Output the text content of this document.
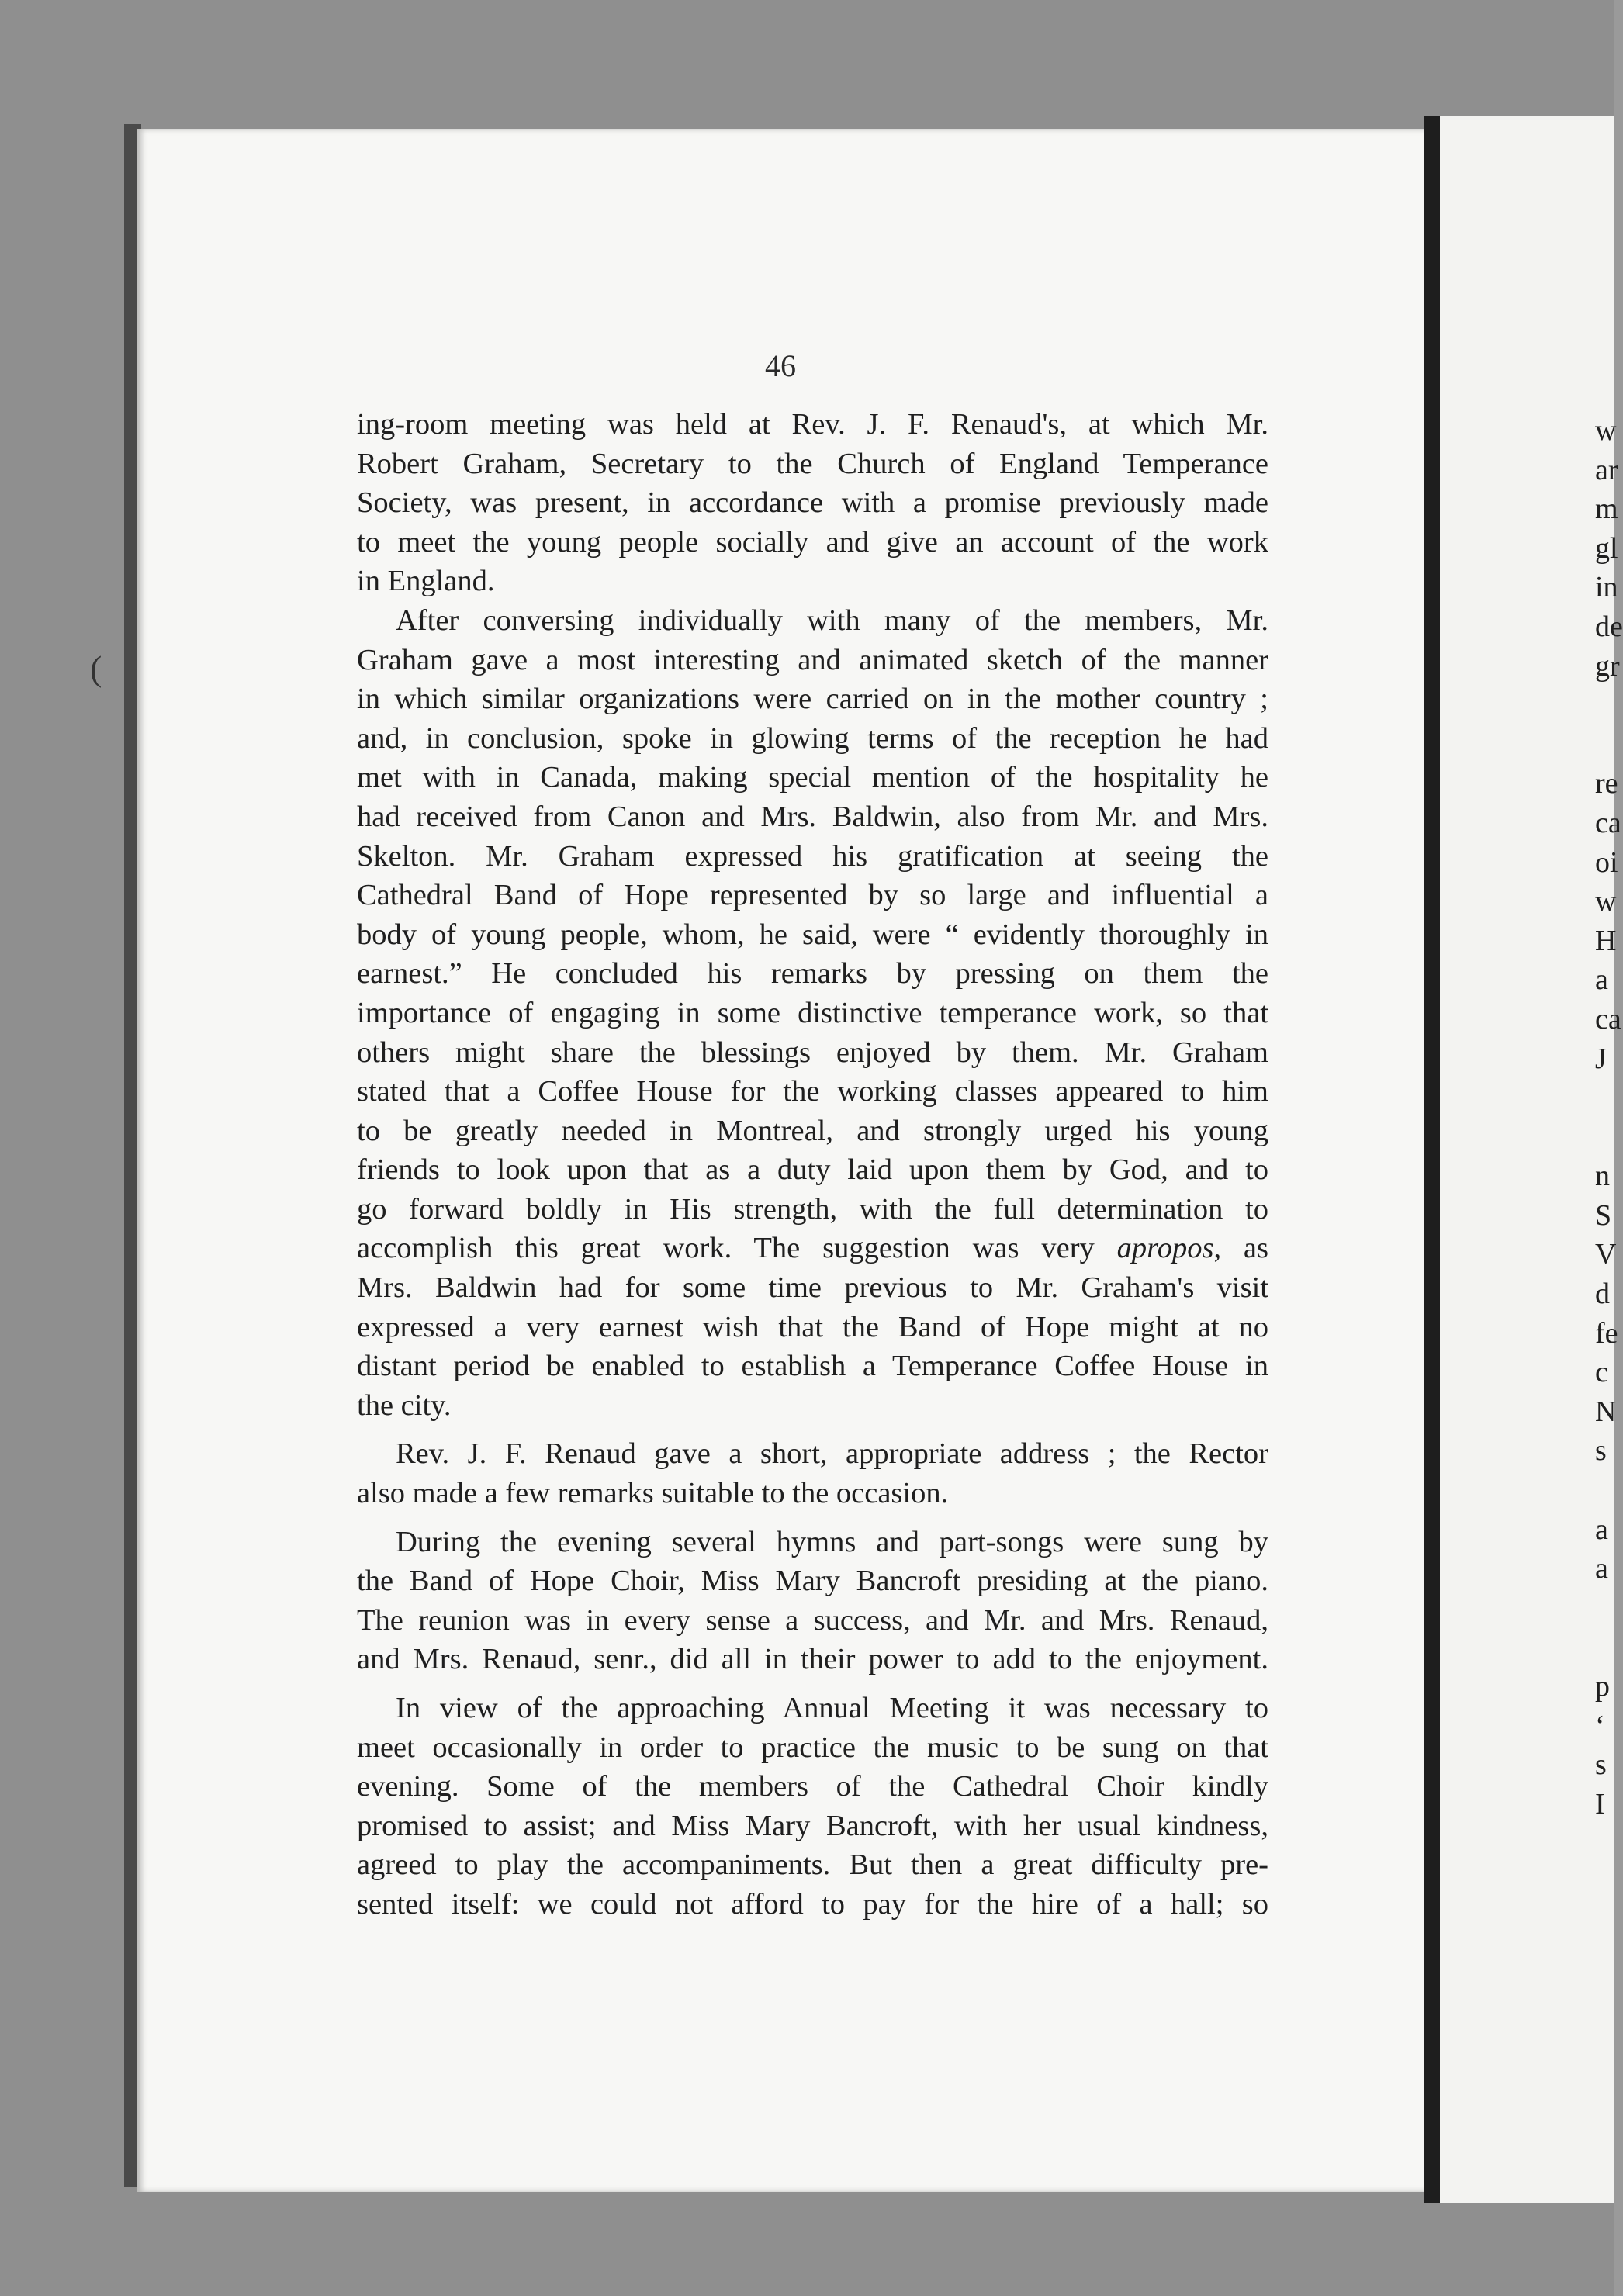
46
ing-room meeting was held at Rev. J. F. Renaud's, at which Mr.
Robert Graham, Secretary to the Church of England Temperance
Society, was present, in accordance with a promise previously made
to meet the young people socially and give an account of the work
in England.
After conversing individually with many of the members, Mr.
Graham gave a most interesting and animated sketch of the manner
in which similar organizations were carried on in the mother country ;
and, in conclusion, spoke in glowing terms of the reception he had
met with in Canada, making special mention of the hospitality he
had received from Canon and Mrs. Baldwin, also from Mr. and Mrs.
Skelton. Mr. Graham expressed his gratification at seeing the
Cathedral Band of Hope represented by so large and influential a
body of young people, whom, he said, were “ evidently thoroughly in
earnest.” He concluded his remarks by pressing on them the
importance of engaging in some distinctive temperance work, so that
others might share the blessings enjoyed by them. Mr. Graham
stated that a Coffee House for the working classes appeared to him
to be greatly needed in Montreal, and strongly urged his young
friends to look upon that as a duty laid upon them by God, and to
go forward boldly in His strength, with the full determination to
accomplish this great work. The suggestion was very apropos, as
Mrs. Baldwin had for some time previous to Mr. Graham's visit
expressed a very earnest wish that the Band of Hope might at no
distant period be enabled to establish a Temperance Coffee House in
the city.
Rev. J. F. Renaud gave a short, appropriate address ; the Rector
also made a few remarks suitable to the occasion.
During the evening several hymns and part-songs were sung by
the Band of Hope Choir, Miss Mary Bancroft presiding at the piano.
The reunion was in every sense a success, and Mr. and Mrs. Renaud,
and Mrs. Renaud, senr., did all in their power to add to the enjoyment.
In view of the approaching Annual Meeting it was necessary to
meet occasionally in order to practice the music to be sung on that
evening. Some of the members of the Cathedral Choir kindly
promised to assist; and Miss Mary Bancroft, with her usual kindness,
agreed to play the accompaniments. But then a great difficulty pre-
sented itself: we could not afford to pay for the hire of a hall; so
w
ar
m
gl
in
de
gr
re
ca
oi
w
H
a
ca
J
n
S
V
d
fe
c
N
s
a
a
p
‘
s
I
(
